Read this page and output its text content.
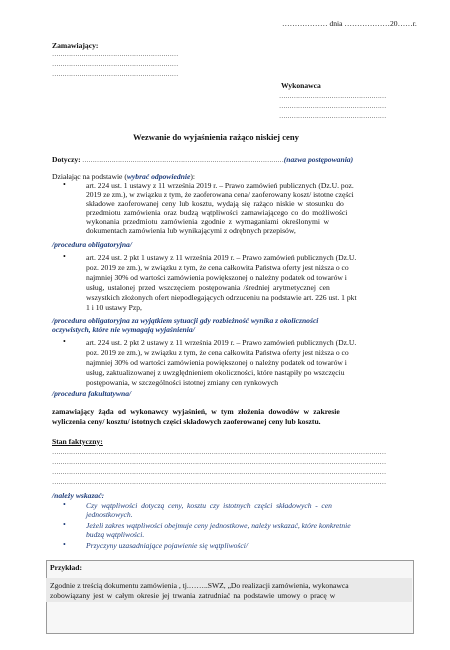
……………… dnia ………………20……r.
Zamawiający:
……………………………………………………
……………………………………………………
……………………………………………………
Wykonawca
……………………………………………
……………………………………………
……………………………………………
Wezwanie do wyjaśnienia rażąco niskiej ceny
Dotyczy: ……………………………………………………………………………………(nazwa postępowania)
Działając na podstawie (wybrać odpowiednie):
•	art. 224 ust. 1 ustawy z 11 września 2019 r. – Prawo zamówień publicznych (Dz.U. poz.
2019 ze zm.), w związku z tym, że zaoferowana cena/ zaoferowany koszt/ istotne części
składowe zaoferowanej ceny lub kosztu, wydają się rażąco niskie w stosunku do
przedmiotu zamówienia oraz budzą wątpliwości zamawiającego co do możliwości
wykonania przedmiotu zamówienia zgodnie z wymaganiami określonymi w
dokumentach zamówienia lub wynikającymi z odrębnych przepisów,
/procedura obligatoryjna/
•	art. 224 ust. 2 pkt 1 ustawy z 11 września 2019 r. – Prawo zamówień publicznych (Dz.U.
poz. 2019 ze zm.), w związku z tym, że cena całkowita Państwa oferty jest niższa o co
najmniej 30% od wartości zamówienia powiększonej o należny podatek od towarów i
usług, ustalonej przed wszczęciem postępowania /średniej arytmetycznej cen
wszystkich złożonych ofert niepodlegających odrzuceniu na podstawie art. 226 ust. 1 pkt
1 i 10 ustawy Pzp,
/procedura obligatoryjna za wyjątkiem sytuacji gdy rozbieżność wynika z okoliczności
oczywistych, które nie wymagają wyjaśnienia/
•	art. 224 ust. 2 pkt 2 ustawy z 11 września 2019 r. – Prawo zamówień publicznych (Dz.U.
poz. 2019 ze zm.), w związku z tym, że cena całkowita Państwa oferty jest niższa o co
najmniej 30% od wartości zamówienia powiększonej o należny podatek od towarów i
usług, zaktualizowanej z uwzględnieniem okoliczności, które nastąpiły po wszczęciu
postępowania, w szczególności istotnej zmiany cen rynkowych
/procedura fakultatywna/
zamawiający żąda od wykonawcy wyjaśnień, w tym złożenia dowodów w zakresie
wyliczenia ceny/ kosztu/ istotnych części składowych zaoferowanej ceny lub kosztu.
Stan faktyczny:
……………………………………………………………………………………………………………………………………………
……………………………………………………………………………………………………………………………………………
……………………………………………………………………………………………………………………………………………
……………………………………………………………………………………………………………………………………………
/należy wskazać:
•	Czy wątpliwości dotyczą ceny, kosztu czy istotnych części składowych - cen
jednostkowych.
•	Jeżeli zakres wątpliwości obejmuje ceny jednostkowe, należy wskazać, które konkretnie
budzą wątpliwości.
•	Przyczyny uzasadniające pojawienie się wątpliwości/
Przykład:
Zgodnie z treścią dokumentu zamówienia , tj.……..SWZ, „Do realizacji zamówienia, wykonawca
zobowiązany jest w całym okresie jej trwania zatrudniać na podstawie umowy o pracę w
